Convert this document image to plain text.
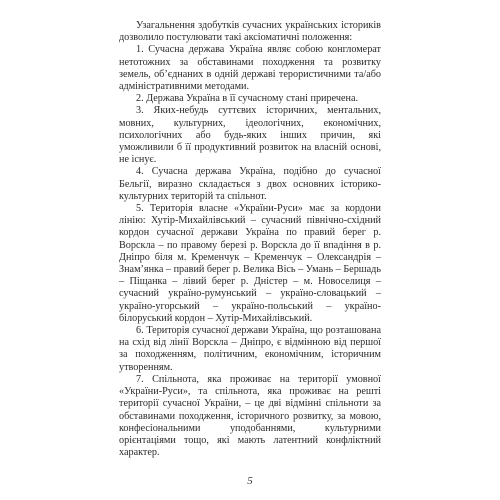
Узагальнення здобутків сучасних українських істориків дозволило постулювати такі аксіоматичні положення:

1. Сучасна держава Україна являє собою конгломерат нетотожних за обставинами походження та розвитку земель, об’єднаних в одній державі терористичними та/або адміністративними методами.

2. Держава Україна в її сучасному стані приречена.

3. Яких-небудь суттєвих історичних, ментальних, мовних, культурних, ідеологічних, економічних, психологічних або будь-яких інших причин, які уможливили б її продуктивний розвиток на власній основі, не існує.

4. Сучасна держава Україна, подібно до сучасної Бельгії, виразно складається з двох основних історико-культурних територій та спільнот.

5. Територія власне «України-Руси» має за кордони лінію: Хутір-Михайлівський – сучасний північно-східний кордон сучасної держави Україна по правий берег р. Ворскла – по правому березі р. Ворскла до її впадіння в р. Дніпро біля м. Кременчук – Кременчук – Олександрія – Знам’янка – правий берег р. Велика Вісь – Умань – Бершадь – Піщанка – лівий берег р. Дністер – м. Новоселиця – сучасний україно-румунський – україно-словацький – україно-угорський – україно-польський – україно-білоруський кордон – Хутір-Михайлівський.

6. Територія сучасної держави Україна, що розташована на схід від лінії Ворскла – Дніпро, є відмінною від першої за походженням, політичним, економічним, історичним утворенням.

7. Спільнота, яка проживає на території умовної «України-Руси», та спільнота, яка проживає на решті території сучасної України, – це дві відмінні спільноти за обставинами походження, історичного розвитку, за мовою, конфесіональними уподобаннями, культурними орієнтаціями тощо, які мають латентний конфліктний характер.

5
